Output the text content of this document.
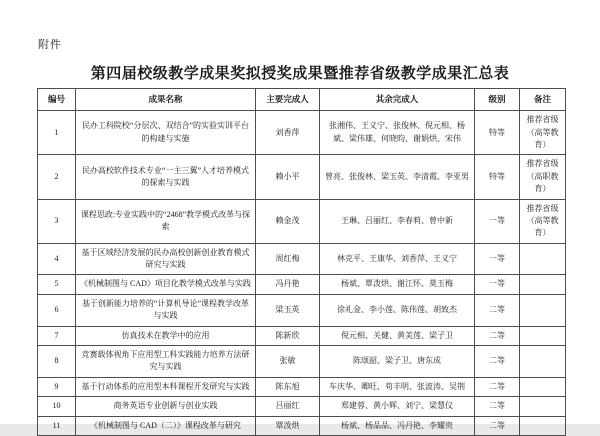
附件
第四届校级教学成果奖拟授奖成果暨推荐省级教学成果汇总表
编号	成果名称	主要完成人	其余完成人	级别	备注
1	民办工科院校“分层次、双结合”的实验实训平台的构建与实施	刘香萍	张湘伟、王义宁、张俊林、倪元相、杨斌、梁伟雄、何晓昀、谢娟烘、宋伟	特等	推荐省级（高等教育）
2	民办高校软件技术专业“一主三翼”人才培养模式的探索与实践	赖小平	曾亮、张俊林、梁玉英、李清霞、李亚男	特等	推荐省级（高职教育）
3	课程思政:专业实践中的“2468”教学模式改革与探索	赖金茂	王琳、吕丽红、李春莉、曾中新	一等	推荐省级（高等教育）
4	基于区域经济发展的民办高校创新创业教育模式研究与实践	周红梅	林克平、王康华、刘香萍、王义宁	一等	
5	《机械制图与 CAD》项目化教学模式改革与实践	冯丹艳	杨斌、覃泼烘、谢江怀、莫玉梅	一等	
6	基于创新能力培养的“计算机导论”课程教学改革与实践	梁玉英	徐礼金、李小莲、陈伟莲、胡致杰	二等	
7	仿真技术在教学中的应用	陈新欣	倪元相、关健、黄美莲、梁子卫	二等	
8	竞赛载体视角下应用型工科实践能力培养方法研究与实践	张敏	陈颂韶、梁子卫、唐东成	二等	
9	基于行动体系的应用型本科课程开发研究与实践	陈东旭	车庆华、卿旺、苟丰明、张波涛、吴荆	二等	
10	商务英语专业创新与创业实践	吕丽红	郑建蓉、黄小辉、刘宁、梁慧仪	二等	
11	《机械制图与 CAD（二）》课程改革与研究	覃泼烘	杨斌、杨品品、冯丹艳、李耀贵	二等	
